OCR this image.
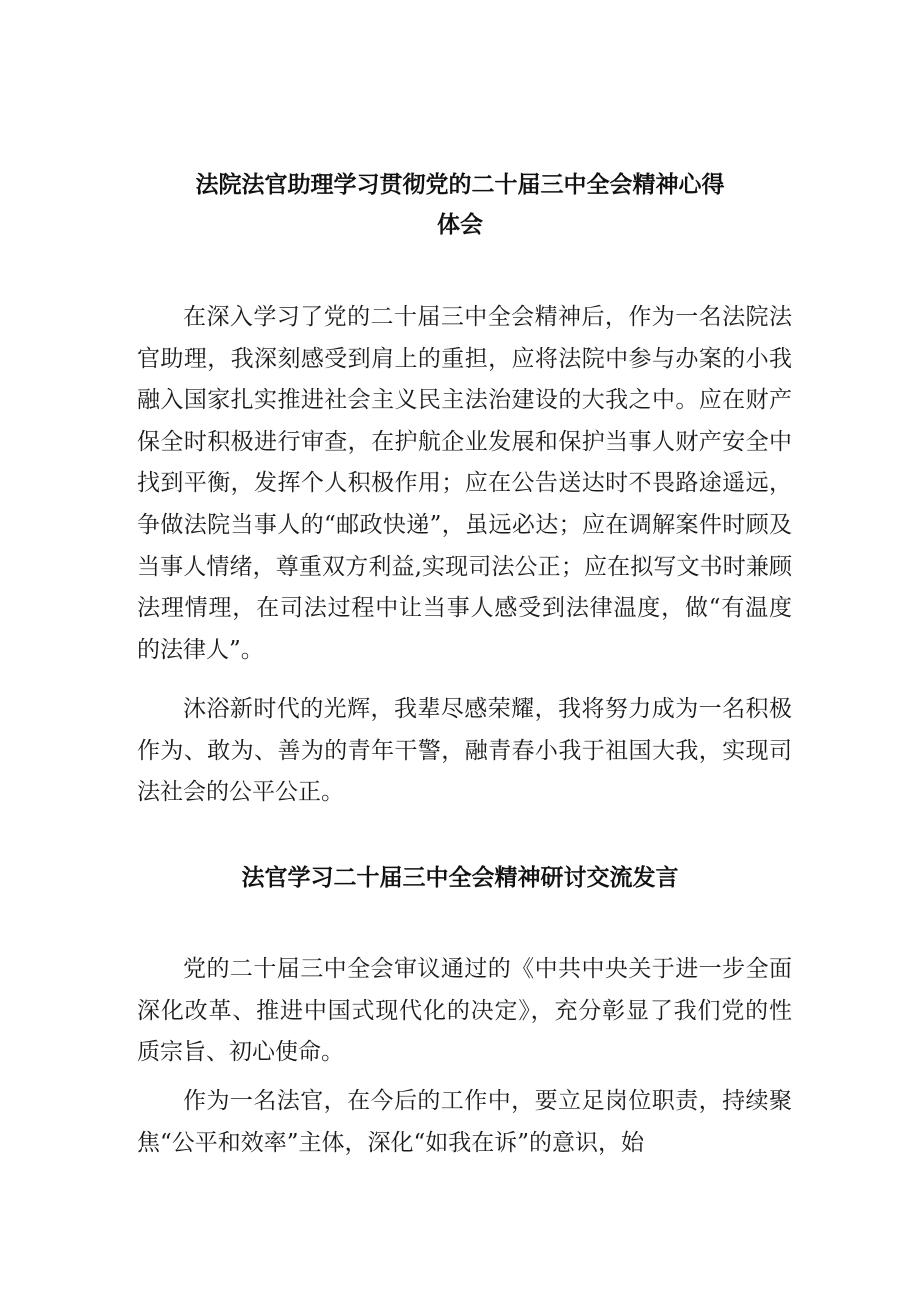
法院法官助理学习贯彻党的二十届三中全会精神心得
体会

在深入学习了党的二十届三中全会精神后，作为一名法院法官助理，我深刻感受到肩上的重担，应将法院中参与办案的小我融入国家扎实推进社会主义民主法治建设的大我之中。应在财产保全时积极进行审查，在护航企业发展和保护当事人财产安全中找到平衡，发挥个人积极作用；应在公告送达时不畏路途遥远，争做法院当事人的“邮政快递”，虽远必达；应在调解案件时顾及当事人情绪，尊重双方利益,实现司法公正；应在拟写文书时兼顾法理情理，在司法过程中让当事人感受到法律温度，做“有温度的法律人”。

沐浴新时代的光辉，我辈尽感荣耀，我将努力成为一名积极作为、敢为、善为的青年干警，融青春小我于祖国大我，实现司法社会的公平公正。

法官学习二十届三中全会精神研讨交流发言

党的二十届三中全会审议通过的《中共中央关于进一步全面深化改革、推进中国式现代化的决定》，充分彰显了我们党的性质宗旨、初心使命。

作为一名法官，在今后的工作中，要立足岗位职责，持续聚焦“公平和效率”主体，深化“如我在诉”的意识，始
